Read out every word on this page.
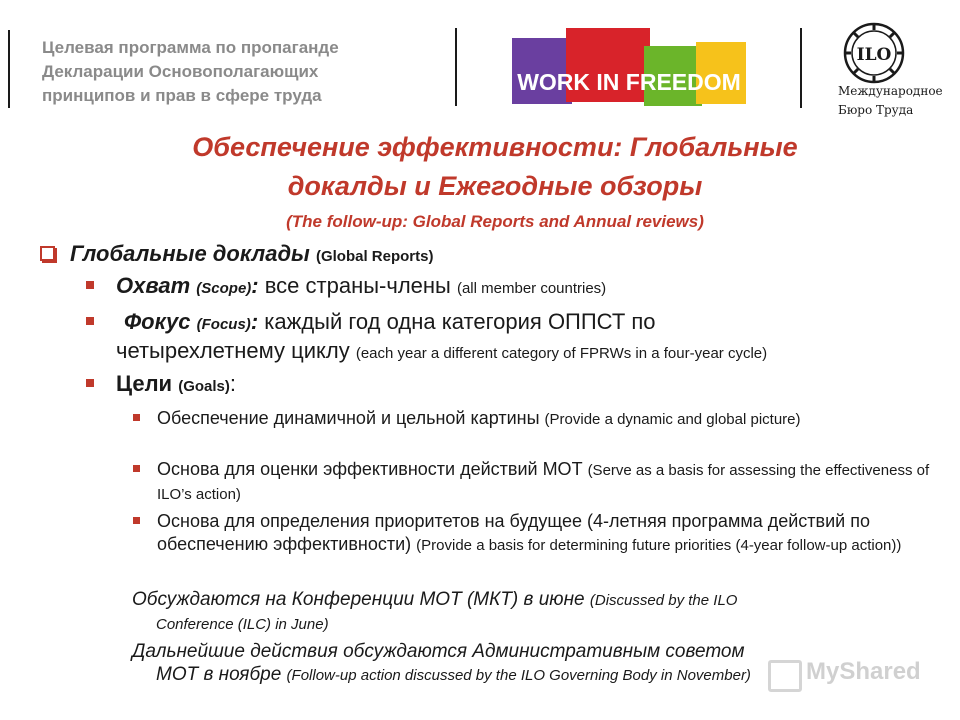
Целевая программа по пропаганде
Декларации Основополагающих
принципов и прав в сфере труда
WORK IN FREEDOM
ILO
Международное
Бюро Труда
Обеспечение эффективности: Глобальные
докалды и Ежегодные обзоры
(The follow-up: Global Reports and Annual reviews)
Глобальные доклады (Global Reports)
Охват (Scope): все страны-члены (all member countries)
Фокус (Focus): каждый год одна категория ОППСТ по
четырехлетнему циклу (each year a different category of FPRWs in a four-year cycle)
Цели (Goals):
Обеспечение динамичной и цельной картины (Provide a dynamic and global picture)
Основа для оценки эффективности действий МОТ (Serve as a basis for assessing the effectiveness of ILO’s action)
Основа для определения приоритетов на будущее (4-летняя программа действий по обеспечению эффективности) (Provide a basis for determining future priorities (4-year follow-up action))
Обсуждаются на Конференции МОТ (МКТ) в июне (Discussed by the ILO
Conference (ILC) in June)
Дальнейшие действия обсуждаются Административным советом
МОТ в ноябре (Follow-up action discussed by the ILO Governing Body in November)	MyShared
